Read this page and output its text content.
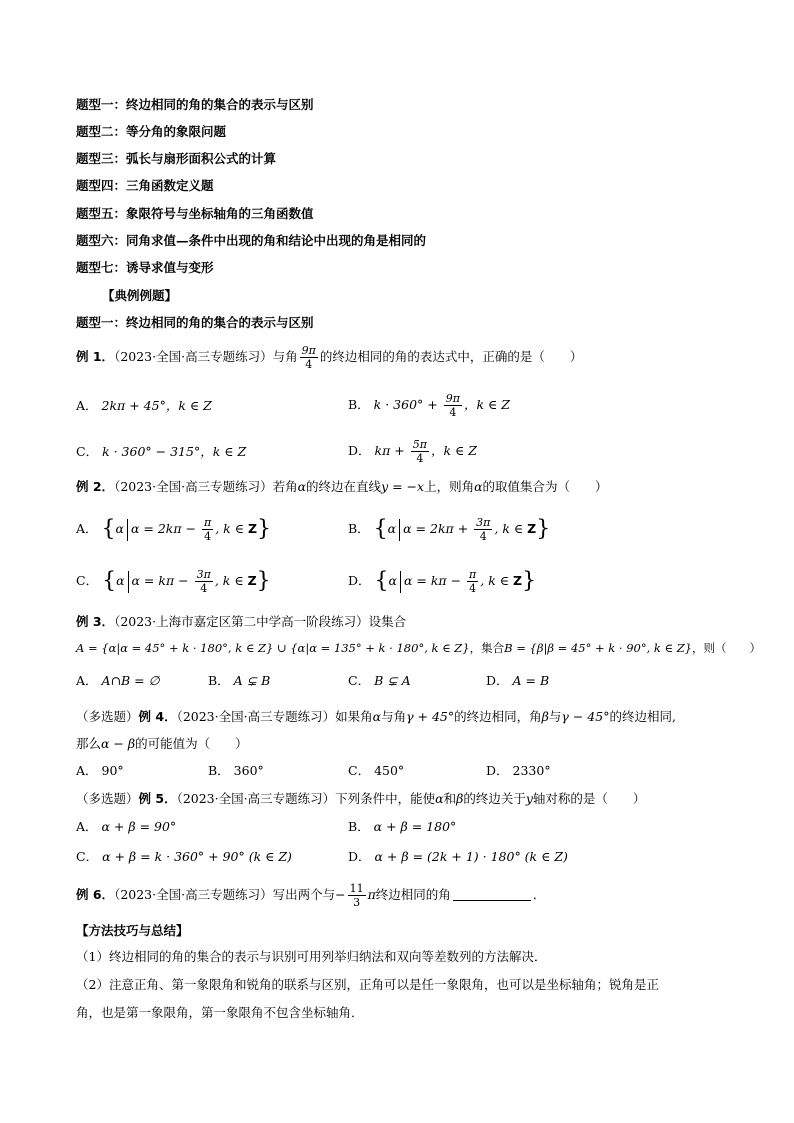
题型一：终边相同的角的集合的表示与区别
题型二：等分角的象限问题
题型三：弧长与扇形面积公式的计算
题型四：三角函数定义题
题型五：象限符号与坐标轴角的三角函数值
题型六：同角求值—条件中出现的角和结论中出现的角是相同的
题型七：诱导求值与变形
【典例例题】
题型一：终边相同的角的集合的表示与区别
例 1．（2023·全国·高三专题练习）与角 $\frac{9\pi}{4}$ 的终边相同的角的表达式中，正确的是（　　）
A． 2kπ + 45°，k ∈ Z	B． $k \cdot 360^\circ + \frac{9\pi}{4}$ ，k ∈ Z
C． k · 360° − 315°，k ∈ Z	D． $k\pi + \frac{5\pi}{4}$ ，k ∈ Z
例 2．（2023·全国·高三专题练习）若角α的终边在直线y = −x上，则角α的取值集合为（　　）
A． {α $\alpha = 2k\pi - \frac{\pi}{4}$ , k ∈ Z}	B． {α $\alpha = 2k\pi + \frac{3\pi}{4}$ , k ∈ Z}
C． {α $\alpha = k\pi - \frac{3\pi}{4}$ , k ∈ Z}	D． {α $\alpha = k\pi - \frac{\pi}{4}$ , k ∈ Z}
例 3．（2023·上海市嘉定区第二中学高一阶段练习）设集合
A = {α|α = 45° + k · 180°, k ∈ Z} ∪ {α|α = 135° + k · 180°, k ∈ Z}，集合B = {β|β = 45° + k · 90°, k ∈ Z}，则（　　）
A． A∩B = ∅	B． A ⊊ B	C． B ⊊ A	D． A = B
（多选题）例 4．（2023·全国·高三专题练习）如果角α与角γ + 45°的终边相同，角β与γ − 45°的终边相同,
那么α − β的可能值为（　　）
A． 90°	B． 360°	C． 450°	D． 2330°
（多选题）例 5．（2023·全国·高三专题练习）下列条件中，能使α和β的终边关于y轴对称的是（　　）
A． α + β = 90°	B． α + β = 180°
C． α + β = k · 360° + 90° (k ∈ Z)	D． α + β = (2k + 1) · 180° (k ∈ Z)
例 6．（2023·全国·高三专题练习）写出两个与− $\frac{11}{3}$ π终边相同的角	．
【方法技巧与总结】
（1）终边相同的角的集合的表示与识别可用列举归纳法和双向等差数列的方法解决．
（2）注意正角、第一象限角和锐角的联系与区别，正角可以是任一象限角，也可以是坐标轴角；锐角是正
角，也是第一象限角，第一象限角不包含坐标轴角．
